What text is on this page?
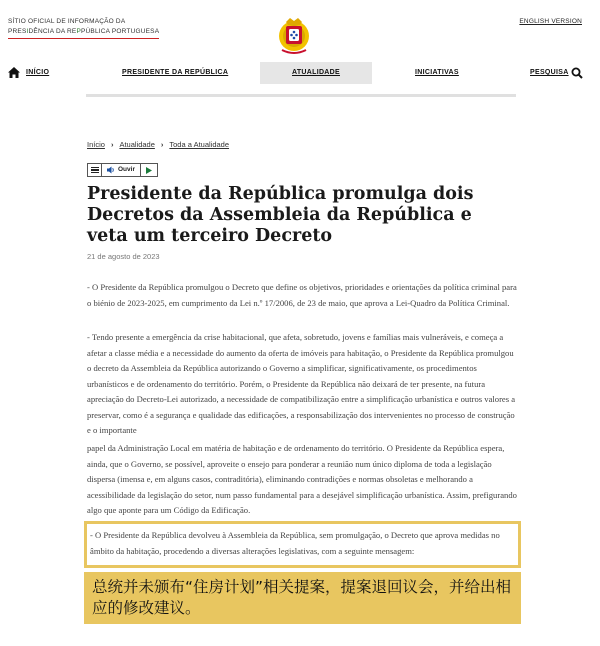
SÍTIO OFICIAL DE INFORMAÇÃO DA
PRESIDÊNCIA DA REPPÚBLICA PORTUGUESA
ENGLISH VERSION
INÍCIO	PRESIDENTE DA REPÚBLICA	ATUALIDADE	INICIATIVAS	PESQUISA
Início › Atualidade › Toda a Atualidade
Ouvir
Presidente da República promulga dois Decretos da Assembleia da República e veta um terceiro Decreto
21 de agosto de 2023

- O Presidente da República promulgou o Decreto que define os objetivos, prioridades e orientações da política criminal para o biénio de 2023-2025, em cumprimento da Lei n.º 17/2006, de 23 de maio, que aprova a Lei-Quadro da Política Criminal.

- Tendo presente a emergência da crise habitacional, que afeta, sobretudo, jovens e famílias mais vulneráveis, e começa a afetar a classe média e a necessidade do aumento da oferta de imóveis para habitação, o Presidente da República promulgou o decreto da Assembleia da República autorizando o Governo a simplificar, significativamente, os procedimentos urbanísticos e de ordenamento do território. Porém, o Presidente da República não deixará de ter presente, na futura apreciação do Decreto-Lei autorizado, a necessidade de compatibilização entre a simplificação urbanística e outros valores a preservar, como é a segurança e qualidade das edificações, a responsabilização dos intervenientes no processo de construção e o importante

papel da Administração Local em matéria de habitação e de ordenamento do território. O Presidente da República espera, ainda, que o Governo, se possível, aproveite o ensejo para ponderar a reunião num único diploma de toda a legislação dispersa (imensa e, em alguns casos, contraditória), eliminando contradições e normas obsoletas e melhorando a acessibilidade da legislação do setor, num passo fundamental para a desejável simplificação urbanística. Assim, prefigurando algo que aponte para um Código da Edificação.

- O Presidente da República devolveu à Assembleia da República, sem promulgação, o Decreto que aprova medidas no âmbito da habitação, procedendo a diversas alterações legislativas, com a seguinte mensagem:

总统并未颁布“住房计划”相关提案，提案退回议会，并给出相应的修改建议。
